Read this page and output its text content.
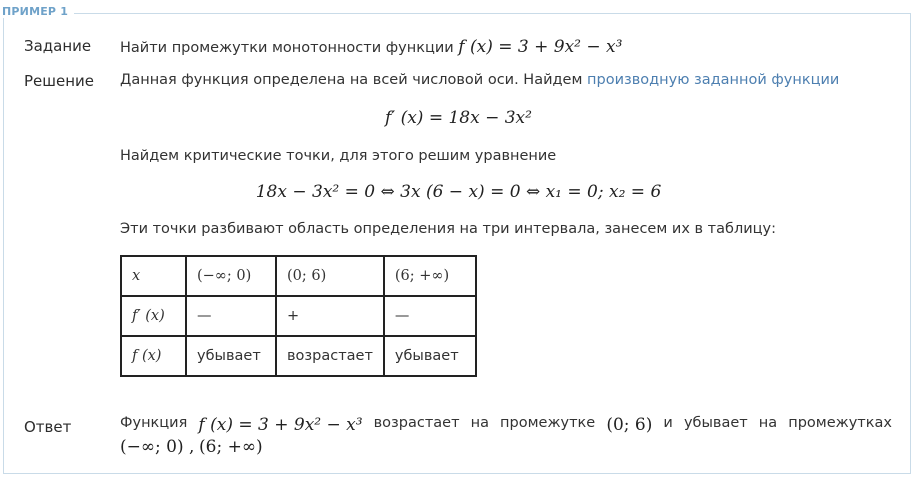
ПРИМЕР 1
Задание Найти промежутки монотонности функции f (x) = 3 + 9x² − x³
Решение Данная функция определена на всей числовой оси. Найдем производную заданной функции
f′ (x) = 18x − 3x²
Найдем критические точки, для этого решим уравнение
18x − 3x² = 0 ⇔ 3x (6 − x) = 0 ⇔ x₁ = 0; x₂ = 6
Эти точки разбивают область определения на три интервала, занесем их в таблицу:
x	(−∞; 0)	(0; 6)	(6; +∞)
f′ (x)	—	+	—
f (x)	убывает	возрастает	убывает
Ответ	Функция f (x) = 3 + 9x² − x³ возрастает на промежутке (0; 6) и убывает на промежутках
(−∞; 0) , (6; +∞)
